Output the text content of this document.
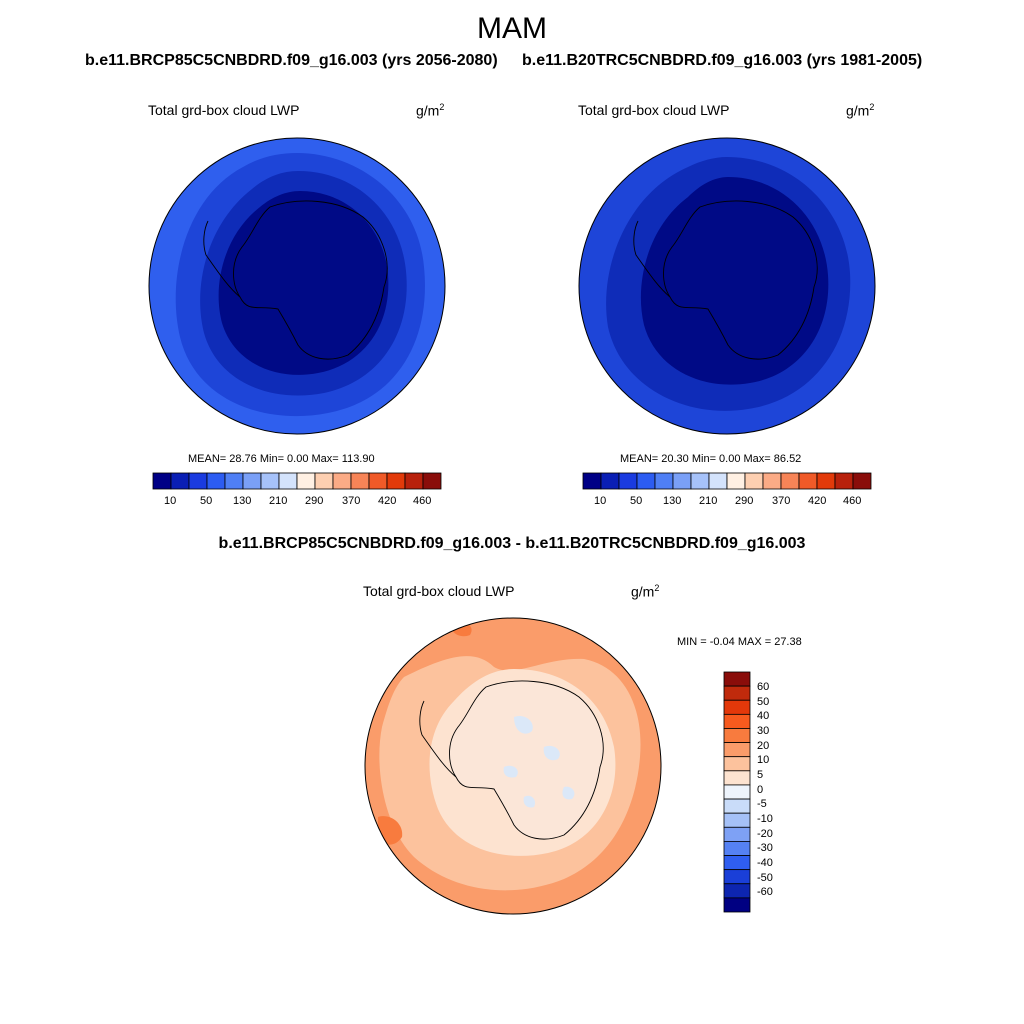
MAM
b.e11.BRCP85C5CNBDRD.f09_g16.003 (yrs 2056-2080) b.e11.B20TRC5CNBDRD.f09_g16.003 (yrs 1981-2005)
Total grd-box cloud LWP	$g/m^2$
MEAN= 28.76 Min= 0.00 Max= 113.90
10 50 130 210 290 370 420 460
Total grd-box cloud LWP	$g/m^2$
MEAN= 20.30 Min= 0.00 Max= 86.52
10 50 130 210 290 370 420 460
b.e11.BRCP85C5CNBDRD.f09_g16.003 - b.e11.B20TRC5CNBDRD.f09_g16.003
Total grd-box cloud LWP	$g/m^2$
MIN = -0.04 MAX = 27.38
60
50
40
30
20
10
5
0
-5
-10
-20
-30
-40
-50
-60
